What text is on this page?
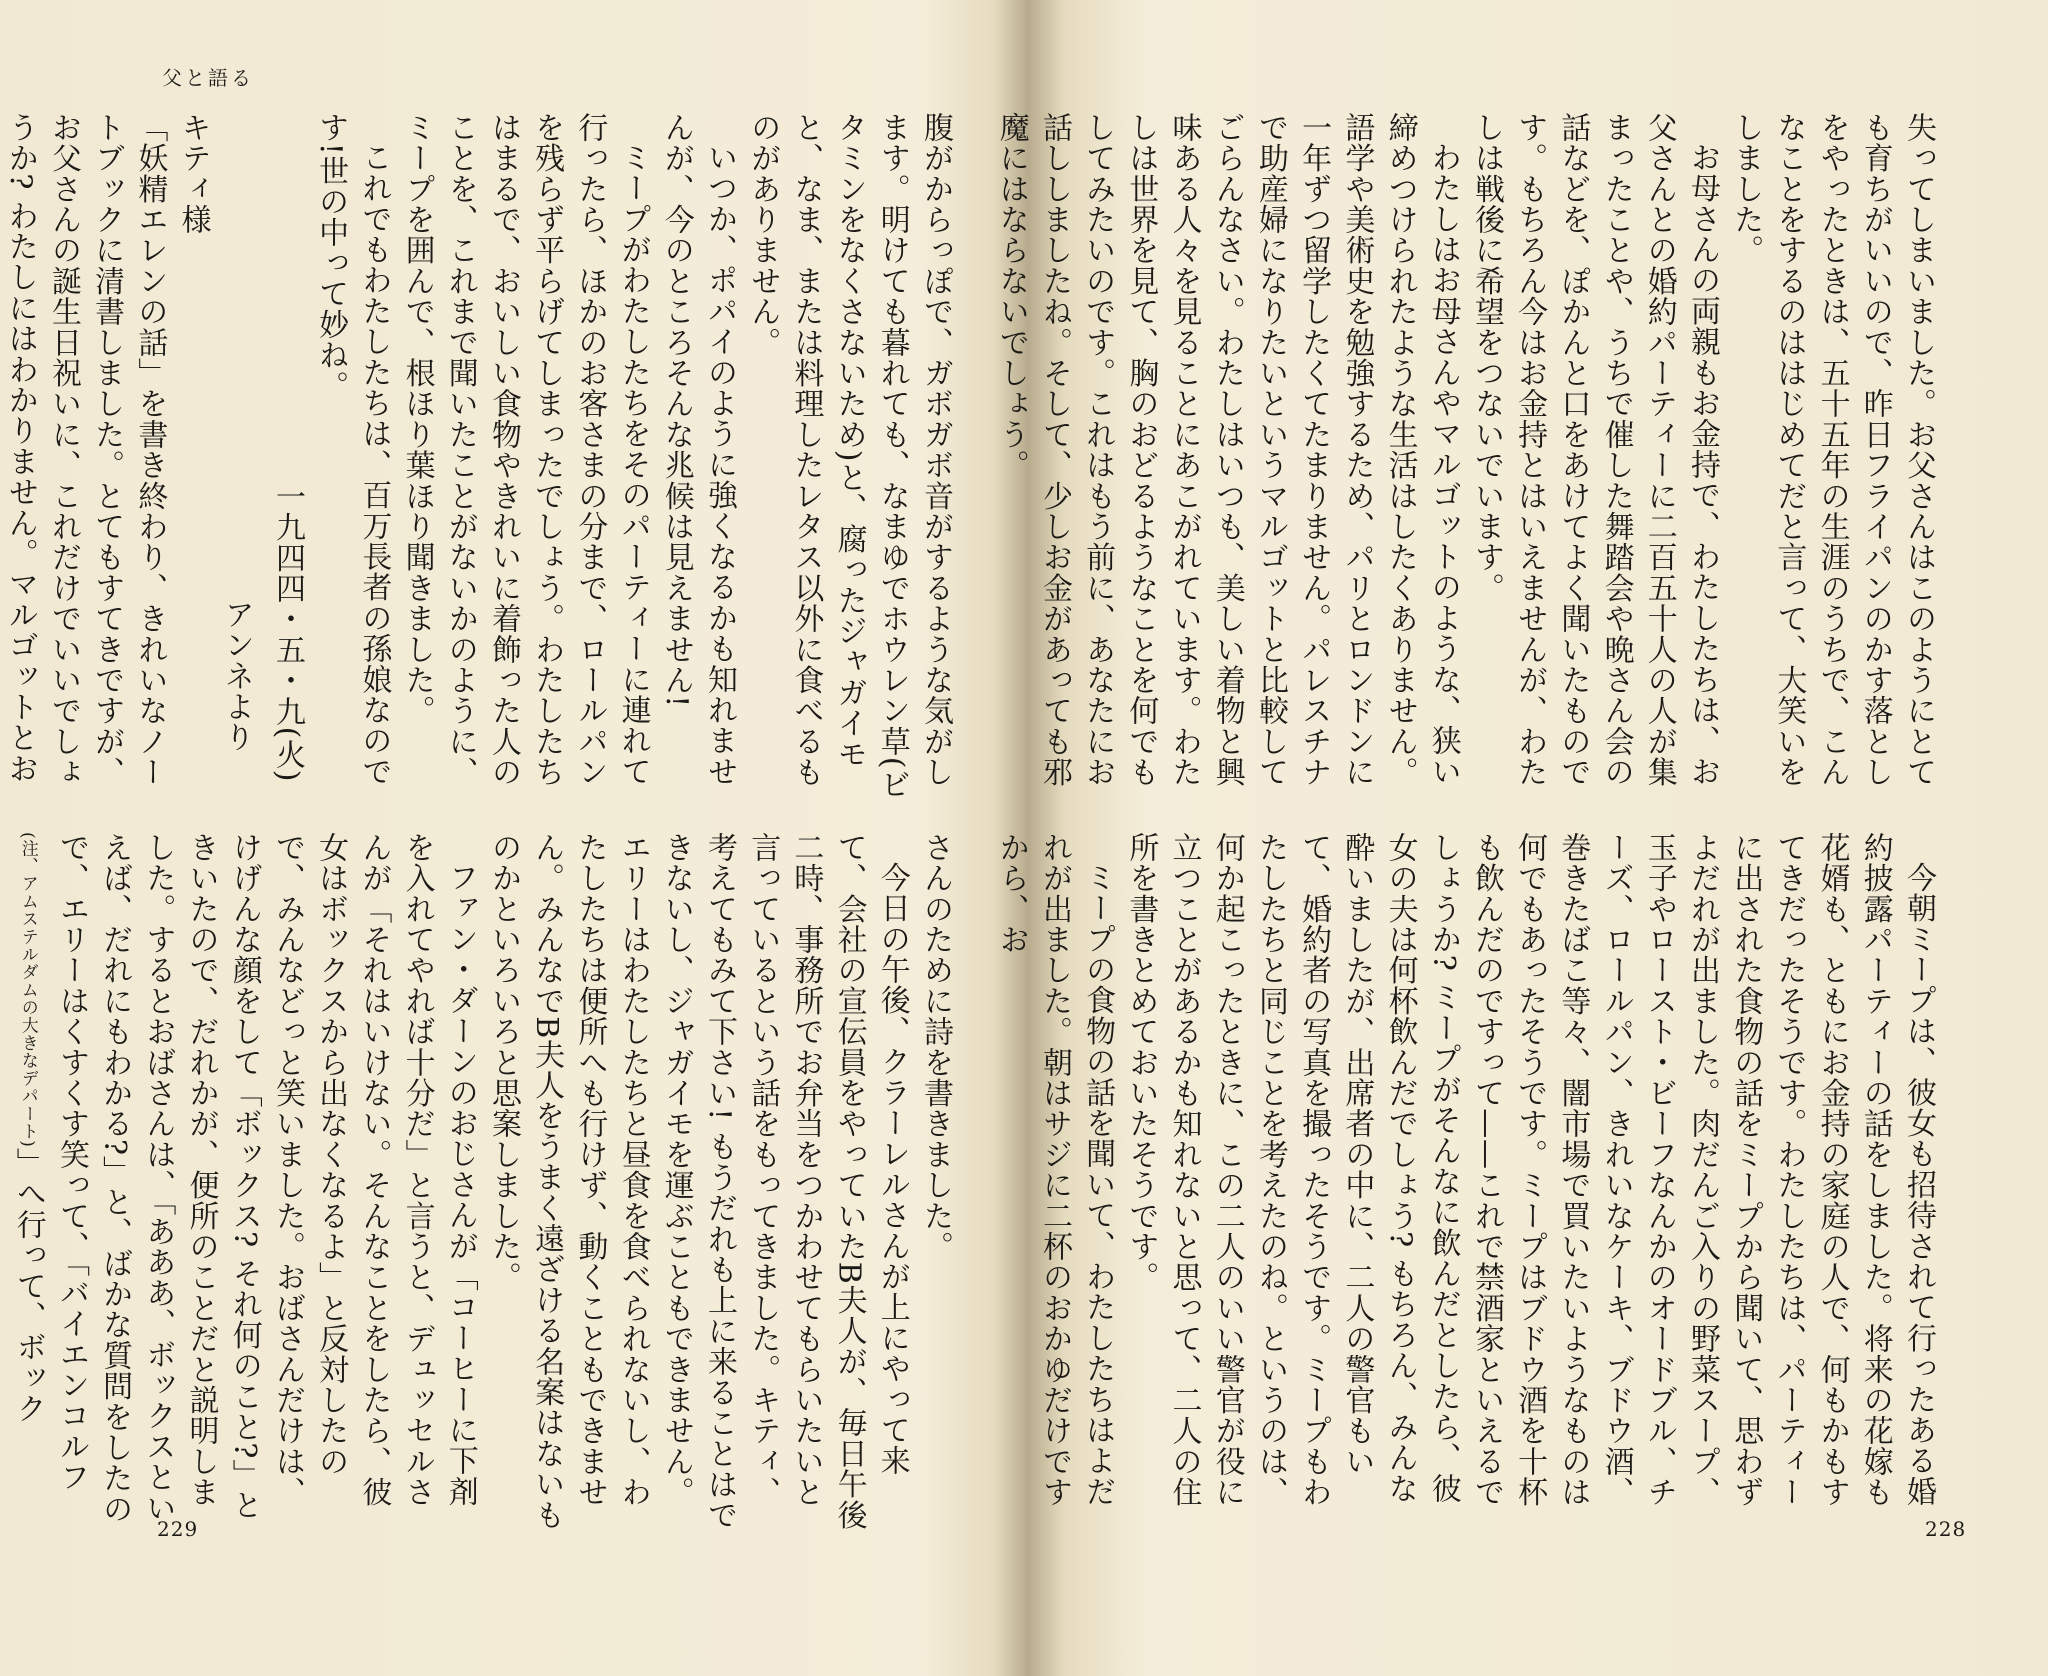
父と語る

腹がからっぽで、ガボガボ音がするような気がします。明けても暮れても、なまゆでホウレン草(ビタミンをなくさないため)と、腐ったジャガイモと、なま、または料理したレタス以外に食べるものがありません。

いつか、ポパイのように強くなるかも知れませんが、今のところそんな兆候は見えません!

ミープがわたしたちをそのパーティーに連れて行ったら、ほかのお客さまの分まで、ロールパンを残らず平らげてしまったでしょう。わたしたちはまるで、おいしい食物やきれいに着飾った人のことを、これまで聞いたことがないかのように、ミープを囲んで、根ほり葉ほり聞きました。

これでもわたしたちは、百万長者の孫娘なのです!世の中って妙ね。

一九四四・五・九(火)

アンネより

キティ様

「妖精エレンの話」を書き終わり、きれいなノートブックに清書しました。とてもすてきですが、お父さんの誕生日祝いに、これだけでいいでしょうか? わたしにはわかりません。マルゴットとお

さんのために詩を書きました。

今日の午後、クラーレルさんが上にやって来て、会社の宣伝員をやっていたB夫人が、毎日午後二時、事務所でお弁当をつかわせてもらいたいと言っているという話をもってきました。キティ、考えてもみて下さい! もうだれも上に来ることはできないし、ジャガイモを運ぶこともできません。エリーはわたしたちと昼食を食べられないし、わたしたちは便所へも行けず、動くこともできません。みんなでB夫人をうまく遠ざける名案はないものかといろいろと思案しました。

ファン・ダーンのおじさんが「コーヒーに下剤を入れてやれば十分だ」と言うと、デュッセルさんが「それはいけない。そんなことをしたら、彼女はボックスから出なくなるよ」と反対したので、みんなどっと笑いました。おばさんだけは、けげんな顔をして「ボックス? それ何のこと?」ときいたので、だれかが、便所のことだと説明しました。するとおばさんは、「あああ、ボックスといえば、だれにもわかる?」と、ばかな質問をしたので、エリーはくすくす笑って、「バイエンコルフ(注、アムステルダムの大きなデパート)」へ行って、ボック

229

失ってしまいました。お父さんはこのようにとても育ちがいいので、昨日フライパンのかす落としをやったときは、五十五年の生涯のうちで、こんなことをするのははじめてだと言って、大笑いをしました。

お母さんの両親もお金持で、わたしたちは、お父さんとの婚約パーティーに二百五十人の人が集まったことや、うちで催した舞踏会や晩さん会の話などを、ぽかんと口をあけてよく聞いたものです。もちろん今はお金持とはいえませんが、わたしは戦後に希望をつないでいます。

わたしはお母さんやマルゴットのような、狭い締めつけられたような生活はしたくありません。語学や美術史を勉強するため、パリとロンドンに一年ずつ留学したくてたまりません。パレスチナで助産婦になりたいというマルゴットと比較してごらんなさい。わたしはいつも、美しい着物と興味ある人々を見ることにあこがれています。わたしは世界を見て、胸のおどるようなことを何でもしてみたいのです。これはもう前に、あなたにお話ししましたね。そして、少しお金があっても邪魔にはならないでしょう。

今朝ミープは、彼女も招待されて行ったある婚約披露パーティーの話をしました。将来の花嫁も花婿も、ともにお金持の家庭の人で、何もかもすてきだったそうです。わたしたちは、パーティーに出された食物の話をミープから聞いて、思わずよだれが出ました。肉だんご入りの野菜スープ、玉子やロースト・ビーフなんかのオードブル、チーズ、ロールパン、きれいなケーキ、ブドウ酒、巻きたばこ等々、闇市場で買いたいようなものは何でもあったそうです。ミープはブドウ酒を十杯も飲んだのですって——これで禁酒家といえるでしょうか? ミープがそんなに飲んだとしたら、彼女の夫は何杯飲んだでしょう? もちろん、みんな酔いましたが、出席者の中に、二人の警官もいて、婚約者の写真を撮ったそうです。ミープもわたしたちと同じことを考えたのね。というのは、何か起こったときに、この二人のいい警官が役に立つことがあるかも知れないと思って、二人の住所を書きとめておいたそうです。

ミープの食物の話を聞いて、わたしたちはよだれが出ました。朝はサジに二杯のおかゆだけですから、お

228
